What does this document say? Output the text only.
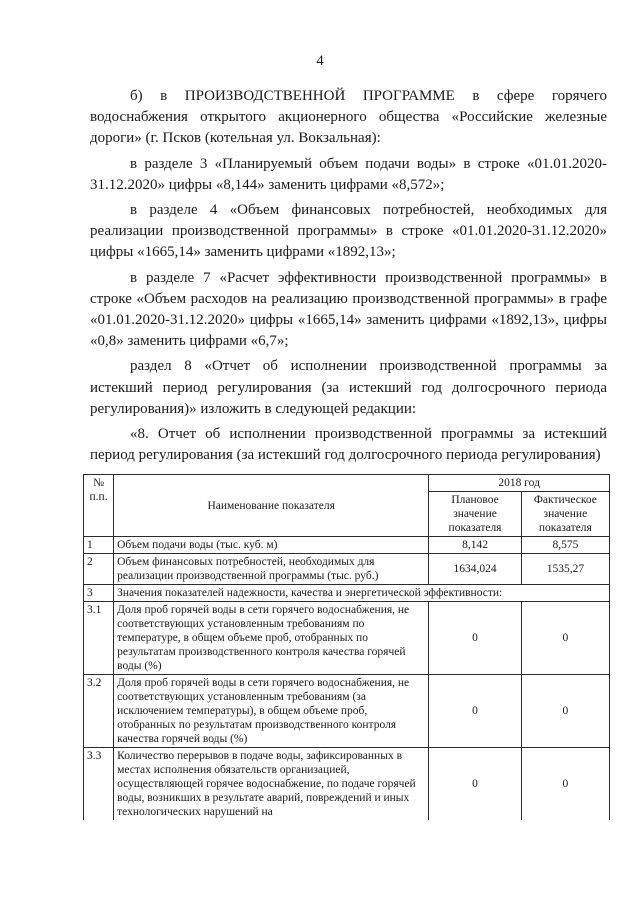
4

б) в ПРОИЗВОДСТВЕННОЙ ПРОГРАММЕ в сфере горячего водоснабжения открытого акционерного общества «Российские железные дороги» (г. Псков (котельная ул. Вокзальная):

в разделе 3 «Планируемый объем подачи воды» в строке «01.01.2020-31.12.2020» цифры «8,144» заменить цифрами «8,572»;

в разделе 4 «Объем финансовых потребностей, необходимых для реализации производственной программы» в строке «01.01.2020-31.12.2020» цифры «1665,14» заменить цифрами «1892,13»;

в разделе 7 «Расчет эффективности производственной программы» в строке «Объем расходов на реализацию производственной программы» в графе «01.01.2020-31.12.2020» цифры «1665,14» заменить цифрами «1892,13», цифры «0,8» заменить цифрами «6,7»;

раздел 8 «Отчет об исполнении производственной программы за истекший период регулирования (за истекший год долгосрочного периода регулирования)» изложить в следующей редакции:

«8. Отчет об исполнении производственной программы за истекший период регулирования (за истекший год долгосрочного периода регулирования)

№ п.п.	Наименование показателя	2018 год	
		Плановое значение показателя	Фактическое значение показателя
1	Объем подачи воды (тыс. куб. м)	8,142	8,575
2	Объем финансовых потребностей, необходимых для реализации производственной программы (тыс. руб.)	1634,024	1535,27
3	Значения показателей надежности, качества и энергетической эффективности:		
3.1	Доля проб горячей воды в сети горячего водоснабжения, не соответствующих установленным требованиям по температуре, в общем объеме проб, отобранных по результатам производственного контроля качества горячей воды (%)	0	0
3.2	Доля проб горячей воды в сети горячего водоснабжения, не соответствующих установленным требованиям (за исключением температуры), в общем объеме проб, отобранных по результатам производственного контроля качества горячей воды (%)	0	0
3.3	Количество перерывов в подаче воды, зафиксированных в местах исполнения обязательств организацией, осуществляющей горячее водоснабжение, по подаче горячей воды, возникших в результате аварий, повреждений и иных технологических нарушений на	0	0
